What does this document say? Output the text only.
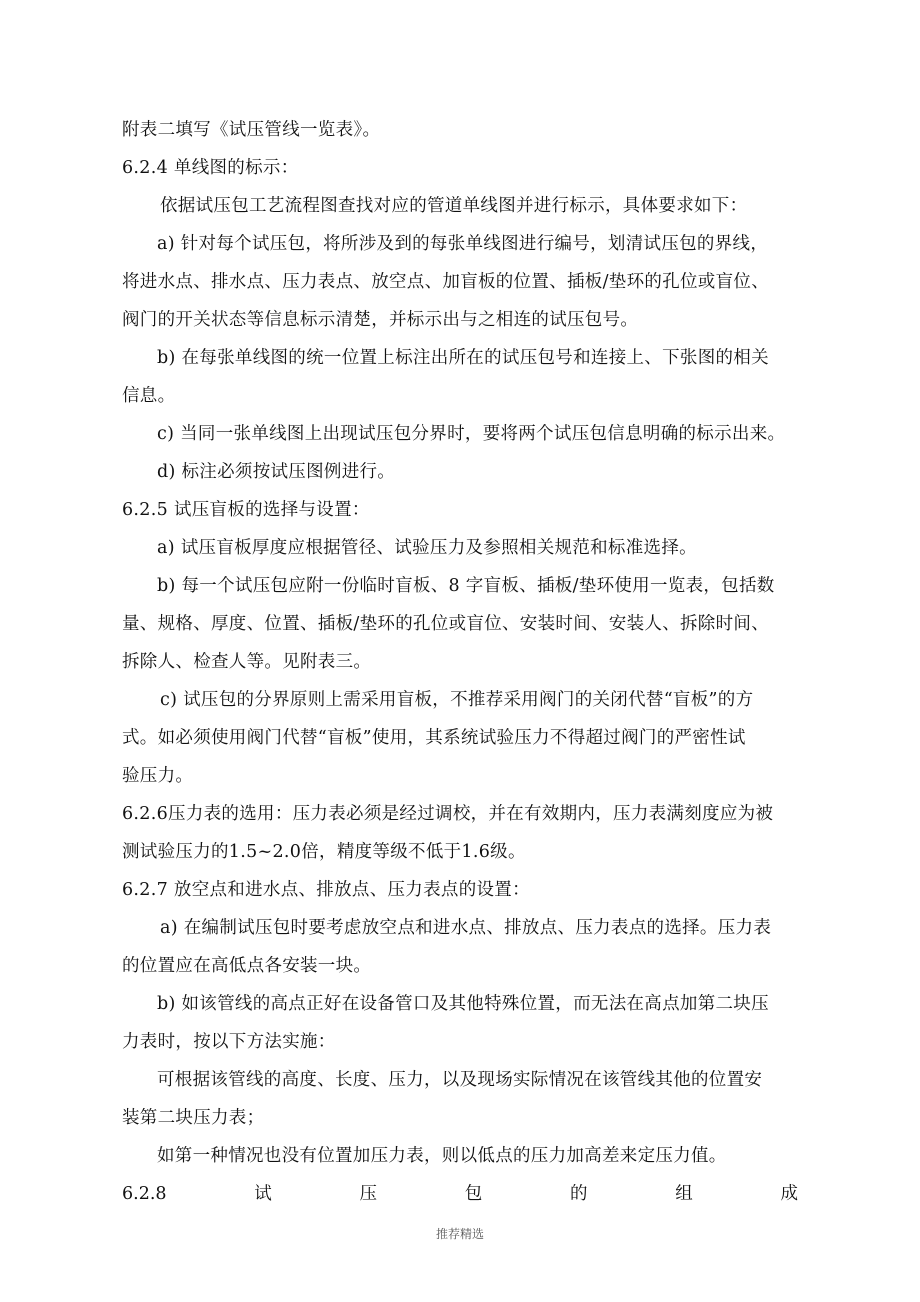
附表二填写《试压管线一览表》。
6.2.4 单线图的标示：
依据试压包工艺流程图查找对应的管道单线图并进行标示，具体要求如下：
a) 针对每个试压包，将所涉及到的每张单线图进行编号，划清试压包的界线，
将进水点、排水点、压力表点、放空点、加盲板的位置、插板/垫环的孔位或盲位、
阀门的开关状态等信息标示清楚，并标示出与之相连的试压包号。
b) 在每张单线图的统一位置上标注出所在的试压包号和连接上、下张图的相关
信息。
c) 当同一张单线图上出现试压包分界时，要将两个试压包信息明确的标示出来。
d) 标注必须按试压图例进行。
6.2.5 试压盲板的选择与设置：
a) 试压盲板厚度应根据管径、试验压力及参照相关规范和标准选择。
b) 每一个试压包应附一份临时盲板、8 字盲板、插板/垫环使用一览表，包括数
量、规格、厚度、位置、插板/垫环的孔位或盲位、安装时间、安装人、拆除时间、
拆除人、检查人等。见附表三。
c) 试压包的分界原则上需采用盲板，不推荐采用阀门的关闭代替“盲板”的方
式。如必须使用阀门代替“盲板”使用，其系统试验压力不得超过阀门的严密性试
验压力。
6.2.6压力表的选用：压力表必须是经过调校，并在有效期内，压力表满刻度应为被
测试验压力的1.5~2.0倍，精度等级不低于1.6级。
6.2.7 放空点和进水点、排放点、压力表点的设置：
a) 在编制试压包时要考虑放空点和进水点、排放点、压力表点的选择。压力表
的位置应在高低点各安装一块。
b) 如该管线的高点正好在设备管口及其他特殊位置，而无法在高点加第二块压
力表时，按以下方法实施：
可根据该管线的高度、长度、压力，以及现场实际情况在该管线其他的位置安
装第二块压力表；
如第一种情况也没有位置加压力表，则以低点的压力加高差来定压力值。
6.2.8	试	压	包	的	组	成
推荐精选
